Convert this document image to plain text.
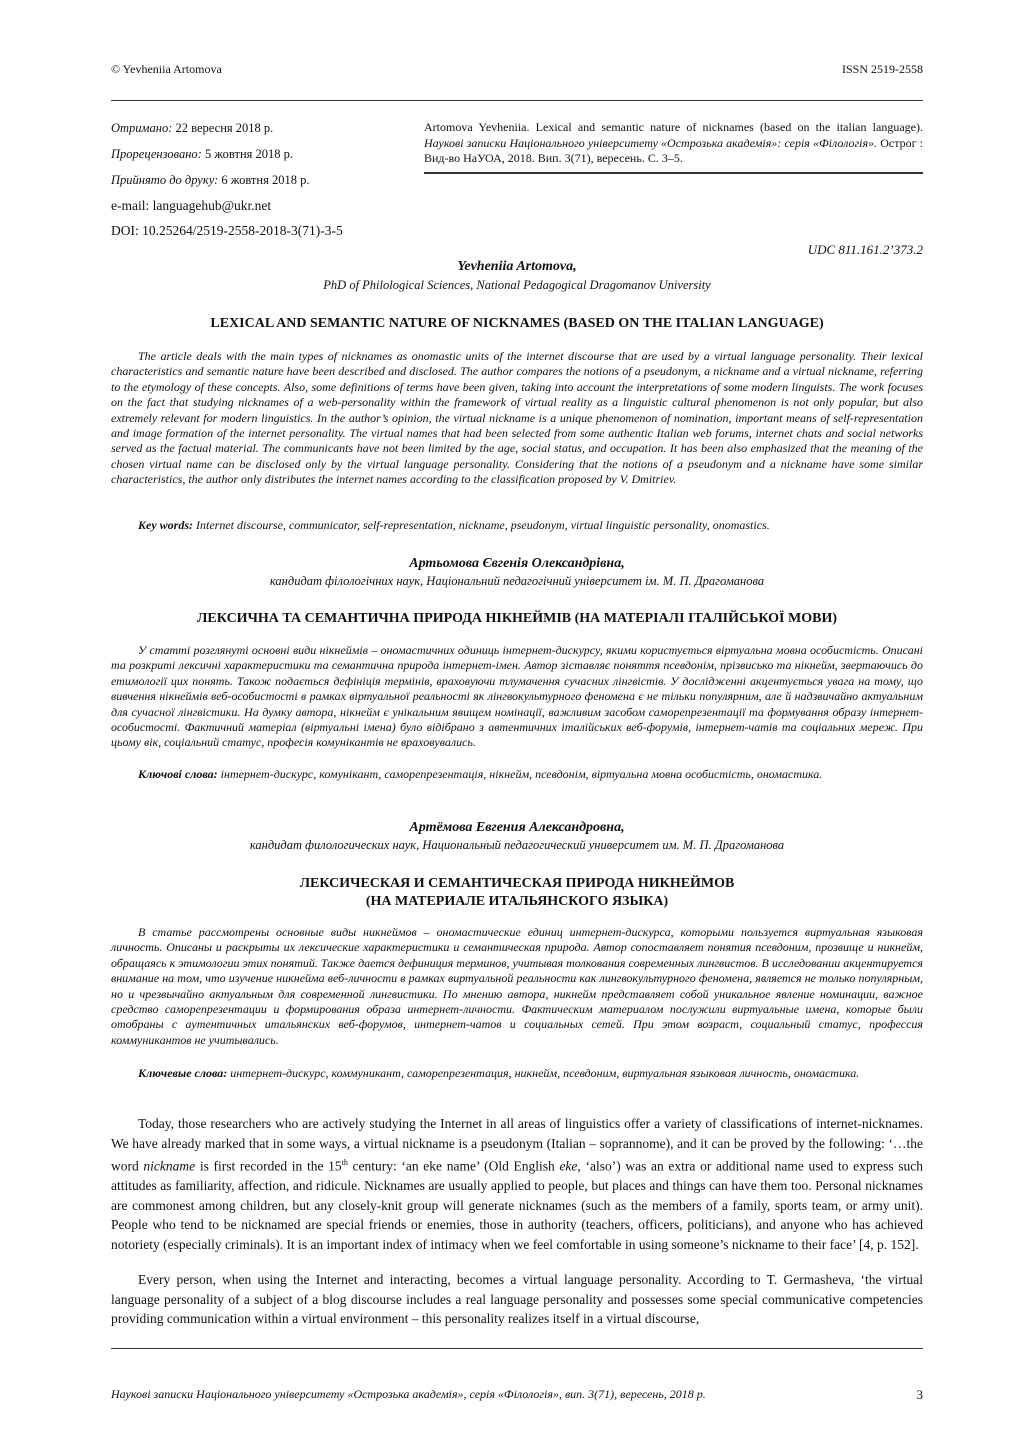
© Yevheniia Artomova	ISSN 2519-2558
Отримано: 22 вересня 2018 р.
Прорецензовано: 5 жовтня 2018 р.
Прийнято до друку: 6 жовтня 2018 р.
e-mail: languagehub@ukr.net
DOI: 10.25264/2519-2558-2018-3(71)-3-5
Artomova Yevheniia. Lexical and semantic nature of nicknames (based on the italian language). Наукові записки Національного університету «Острозька академія»: серія «Філологія». Острог : Вид-во НаУОА, 2018. Вип. 3(71), вересень. С. 3–5.
UDC 811.161.2’373.2
Yevheniia Artomova,
PhD of Philological Sciences, National Pedagogical Dragomanov University
LEXICAL AND SEMANTIC NATURE OF NICKNAMES (BASED ON THE ITALIAN LANGUAGE)
The article deals with the main types of nicknames as onomastic units of the internet discourse that are used by a virtual language personality. Their lexical characteristics and semantic nature have been described and disclosed. The author compares the notions of a pseudonym, a nickname and a virtual nickname, referring to the etymology of these concepts. Also, some definitions of terms have been given, taking into account the interpretations of some modern linguists. The work focuses on the fact that studying nicknames of a web-personality within the framework of virtual reality as a linguistic cultural phenomenon is not only popular, but also extremely relevant for modern linguistics. In the author’s opinion, the virtual nickname is a unique phenomenon of nomination, important means of self-representation and image formation of the internet personality. The virtual names that had been selected from some authentic Italian web forums, internet chats and social networks served as the factual material. The communicants have not been limited by the age, social status, and occupation. It has been also emphasized that the meaning of the chosen virtual name can be disclosed only by the virtual language personality. Considering that the notions of a pseudonym and a nickname have some similar characteristics, the author only distributes the internet names according to the classification proposed by V. Dmitriev.
Key words: Internet discourse, communicator, self-representation, nickname, pseudonym, virtual linguistic personality, onomastics.
Артьомова Євгенія Олександрівна,
кандидат філологічних наук, Національний педагогічний університет ім. М. П. Драгоманова
ЛЕКСИЧНА ТА СЕМАНТИЧНА ПРИРОДА НІКНЕЙМІВ (НА МАТЕРІАЛІ ІТАЛІЙСЬКОЇ МОВИ)
У статті розглянуті основні види нікнеймів – ономастичних одиниць інтернет-дискурсу, якими користується віртуальна мовна особистість. Описані та розкриті лексичні характеристики та семантична природа інтернет-імен. Автор зіставляє поняття псевдонім, прізвисько та нікнейм, звертаючись до етимології цих понять. Також подається дефініція термінів, враховуючи тлумачення сучасних лінгвістів. У дослідженні акцентується увага на тому, що вивчення нікнеймів веб-особистості в рамках віртуальної реальності як лінгвокультурного феномена є не тільки популярним, але й надзвичайно актуальним для сучасної лінгвістики. На думку автора, нікнейм є унікальним явищем номінації, важливим засобом саморепрезентації та формування образу інтернет-особистості. Фактичний матеріал (віртуальні імена) було відібрано з автентичних італійських веб-форумів, інтернет-чатів та соціальних мереж. При цьому вік, соціальний статус, професія комунікантів не враховувались.
Ключові слова: інтернет-дискурс, комунікант, саморепрезентація, нікнейм, псевдонім, віртуальна мовна особистість, ономастика.
Артёмова Евгения Александровна,
кандидат филологических наук, Национальный педагогический университет им. М. П. Драгоманова
ЛЕКСИЧЕСКАЯ И СЕМАНТИЧЕСКАЯ ПРИРОДА НИКНЕЙМОВ
(НА МАТЕРИАЛЕ ИТАЛЬЯНСКОГО ЯЗЫКА)
В статье рассмотрены основные виды никнеймов – ономастические единиц интернет-дискурса, которыми пользуется виртуальная языковая личность. Описаны и раскрыты их лексические характеристики и семантическая природа. Автор сопоставляет понятия псевдоним, прозвище и никнейм, обращаясь к этимологии этих понятий. Также дается дефиниция терминов, учитывая толкования современных лингвистов. В исследовании акцентируется внимание на том, что изучение никнейма веб-личности в рамках виртуальной реальности как лингвокультурного феномена, является не только популярным, но и чрезвычайно актуальным для современной лингвистики. По мнению автора, никнейм представляет собой уникальное явление номинации, важное средство саморепрезентации и формирования образа интернет-личности. Фактическим материалом послужили виртуальные имена, которые были отобраны с аутентичных итальянских веб-форумов, интернет-чатов и социальных сетей. При этом возраст, социальный статус, профессия коммуникантов не учитывались.
Ключевые слова: интернет-дискурс, коммуникант, саморепрезентация, никнейм, псевдоним, виртуальная языковая личность, ономастика.
Today, those researchers who are actively studying the Internet in all areas of linguistics offer a variety of classifications of internet-nicknames. We have already marked that in some ways, a virtual nickname is a pseudonym (Italian – soprannome), and it can be proved by the following: ‘…the word nickname is first recorded in the 15th century: ‘an eke name’ (Old English eke, ‘also’) was an extra or additional name used to express such attitudes as familiarity, affection, and ridicule. Nicknames are usually applied to people, but places and things can have them too. Personal nicknames are commonest among children, but any closely-knit group will generate nicknames (such as the members of a family, sports team, or army unit). People who tend to be nicknamed are special friends or enemies, those in authority (teachers, officers, politicians), and anyone who has achieved notoriety (especially criminals). It is an important index of intimacy when we feel comfortable in using someone’s nickname to their face’ [4, p. 152].
Every person, when using the Internet and interacting, becomes a virtual language personality. According to T. Germasheva, ‘the virtual language personality of a subject of a blog discourse includes a real language personality and possesses some special communicative competencies providing communication within a virtual environment – this personality realizes itself in a virtual discourse,
Наукові записки Національного університету «Острозька академія», серія «Філологія», вип. 3(71), вересень, 2018 р.	3
